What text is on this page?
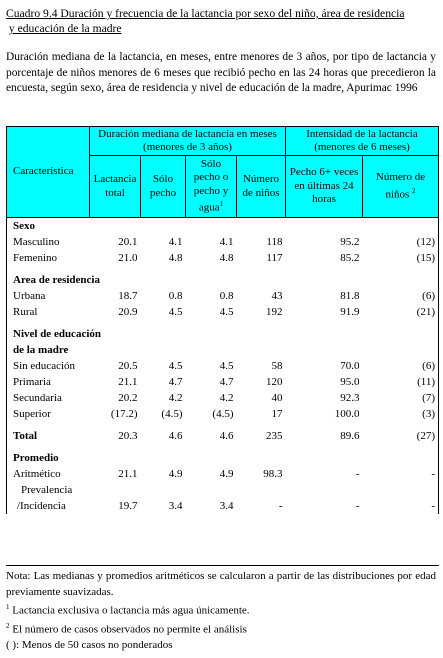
Cuadro 9.4 Duración y frecuencia de la lactancia por sexo del niño, área de residencia
y educación de la madre
Duración mediana de la lactancia, en meses, entre menores de 3 años, por tipo de lactancia y porcentaje de niños menores de 6 meses que recibió pecho en las 24 horas que precedieron la encuesta, según sexo, área de residencia y nivel de educación de la madre, Apurimac 1996
Característica	Duración mediana de lactancia en meses
(menores de 3 años)				Intensidad de la lactancia
(menores de 6 meses)	
	Lactancia total	Sólo pecho	Sólo pecho o pecho y agua$^1$	Número de niños	Pecho 6+ veces en últimas 24 horas	Número de niños $^2$
Sexo						
Masculino	20.1	4.1	4.1	118	95.2	(12)
Femenino	21.0	4.8	4.8	117	85.2	(15)
Area de residencia						
Urbana	18.7	0.8	0.8	43	81.8	(6)
Rural	20.9	4.5	4.5	192	91.9	(21)
Nivel de educación						
de la madre						
Sin educación	20.5	4.5	4.5	58	70.0	(6)
Primaria	21.1	4.7	4.7	120	95.0	(11)
Secundaria	20.2	4.2	4.2	40	92.3	(7)
Superior	(17.2)	(4.5)	(4.5)	17	100.0	(3)
Total	20.3	4.6	4.6	235	89.6	(27)
Promedio						
Aritmético	21.1	4.9	4.9	98.3	-	-
Prevalencia						
/Incidencia	19.7	3.4	3.4	-	-	-

Nota: Las medianas y promedios aritméticos se calcularon a partir de las distribuciones por edad previamente suavizadas.

$^1$ Lactancia exclusiva o lactancia más agua únicamente.

$^2$ El número de casos observados no permite el análisis

( ): Menos de 50 casos no ponderados
